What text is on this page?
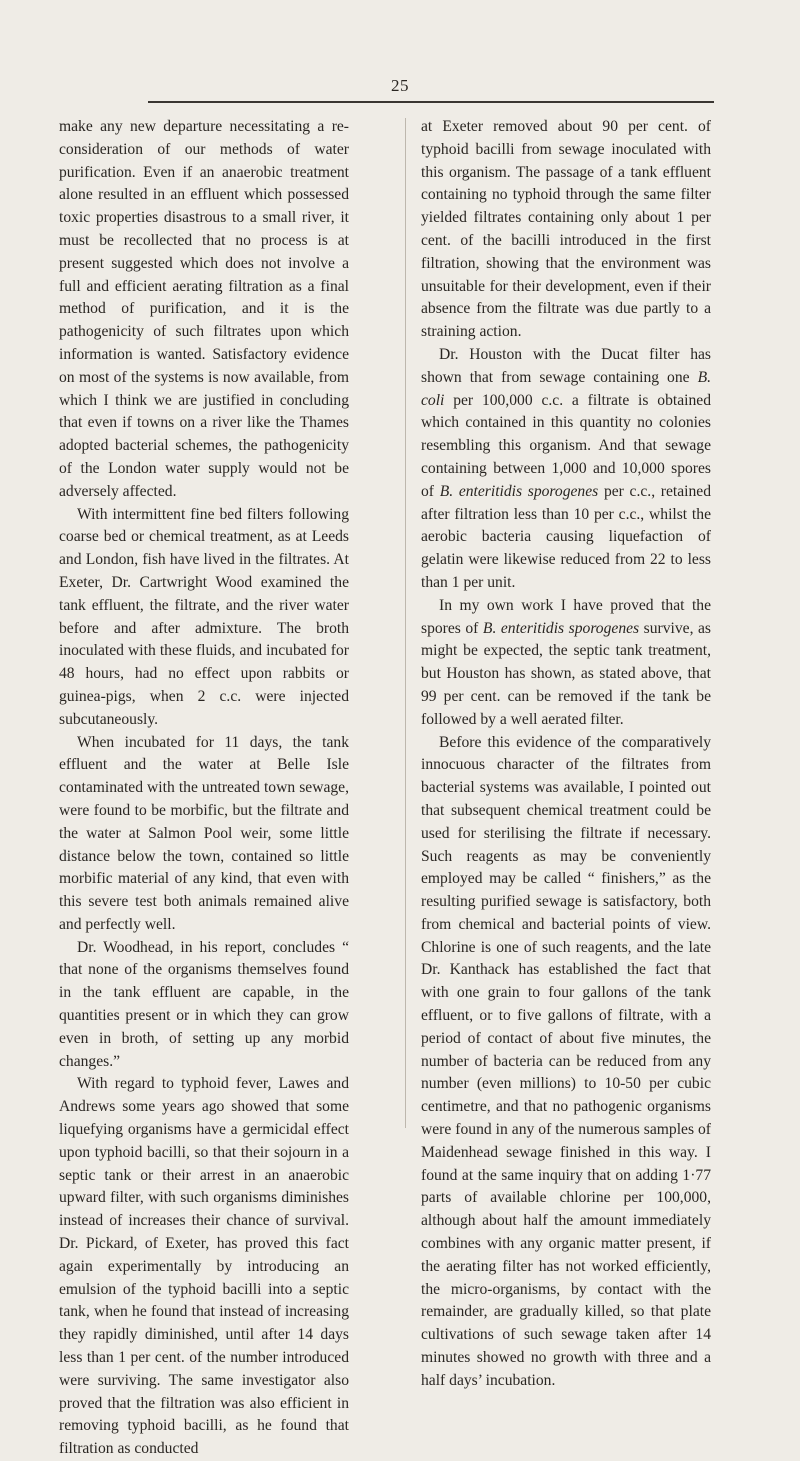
25

make any new departure necessitating a re-consideration of our methods of water purification. Even if an anaerobic treatment alone resulted in an effluent which possessed toxic properties disastrous to a small river, it must be recollected that no process is at present suggested which does not involve a full and efficient aerating filtration as a final method of purification, and it is the pathogenicity of such filtrates upon which information is wanted. Satisfactory evidence on most of the systems is now available, from which I think we are justified in concluding that even if towns on a river like the Thames adopted bacterial schemes, the pathogenicity of the London water supply would not be adversely affected.

With intermittent fine bed filters following coarse bed or chemical treatment, as at Leeds and London, fish have lived in the filtrates. At Exeter, Dr. Cartwright Wood examined the tank effluent, the filtrate, and the river water before and after admixture. The broth inoculated with these fluids, and incubated for 48 hours, had no effect upon rabbits or guinea-pigs, when 2 c.c. were injected subcutaneously.

When incubated for 11 days, the tank effluent and the water at Belle Isle contaminated with the untreated town sewage, were found to be morbific, but the filtrate and the water at Salmon Pool weir, some little distance below the town, contained so little morbific material of any kind, that even with this severe test both animals remained alive and perfectly well.

Dr. Woodhead, in his report, concludes “ that none of the organisms themselves found in the tank effluent are capable, in the quantities present or in which they can grow even in broth, of setting up any morbid changes.”

With regard to typhoid fever, Lawes and Andrews some years ago showed that some liquefying organisms have a germicidal effect upon typhoid bacilli, so that their sojourn in a septic tank or their arrest in an anaerobic upward filter, with such organisms diminishes instead of increases their chance of survival. Dr. Pickard, of Exeter, has proved this fact again experimentally by introducing an emulsion of the typhoid bacilli into a septic tank, when he found that instead of increasing they rapidly diminished, until after 14 days less than 1 per cent. of the number introduced were surviving. The same investigator also proved that the filtration was also efficient in removing typhoid bacilli, as he found that filtration as conducted

at Exeter removed about 90 per cent. of typhoid bacilli from sewage inoculated with this organism. The passage of a tank effluent containing no typhoid through the same filter yielded filtrates containing only about 1 per cent. of the bacilli introduced in the first filtration, showing that the environment was unsuitable for their development, even if their absence from the filtrate was due partly to a straining action.

Dr. Houston with the Ducat filter has shown that from sewage containing one B. coli per 100,000 c.c. a filtrate is obtained which contained in this quantity no colonies resembling this organism. And that sewage containing between 1,000 and 10,000 spores of B. enteritidis sporogenes per c.c., retained after filtration less than 10 per c.c., whilst the aerobic bacteria causing liquefaction of gelatin were likewise reduced from 22 to less than 1 per unit.

In my own work I have proved that the spores of B. enteritidis sporogenes survive, as might be expected, the septic tank treatment, but Houston has shown, as stated above, that 99 per cent. can be removed if the tank be followed by a well aerated filter.

Before this evidence of the comparatively innocuous character of the filtrates from bacterial systems was available, I pointed out that subsequent chemical treatment could be used for sterilising the filtrate if necessary. Such reagents as may be conveniently employed may be called “ finishers,” as the resulting purified sewage is satisfactory, both from chemical and bacterial points of view. Chlorine is one of such reagents, and the late Dr. Kanthack has established the fact that with one grain to four gallons of the tank effluent, or to five gallons of filtrate, with a period of contact of about five minutes, the number of bacteria can be reduced from any number (even millions) to 10-50 per cubic centimetre, and that no pathogenic organisms were found in any of the numerous samples of Maidenhead sewage finished in this way. I found at the same inquiry that on adding 1·77 parts of available chlorine per 100,000, although about half the amount immediately combines with any organic matter present, if the aerating filter has not worked efficiently, the micro-organisms, by contact with the remainder, are gradually killed, so that plate cultivations of such sewage taken after 14 minutes showed no growth with three and a half days’ incubation.
